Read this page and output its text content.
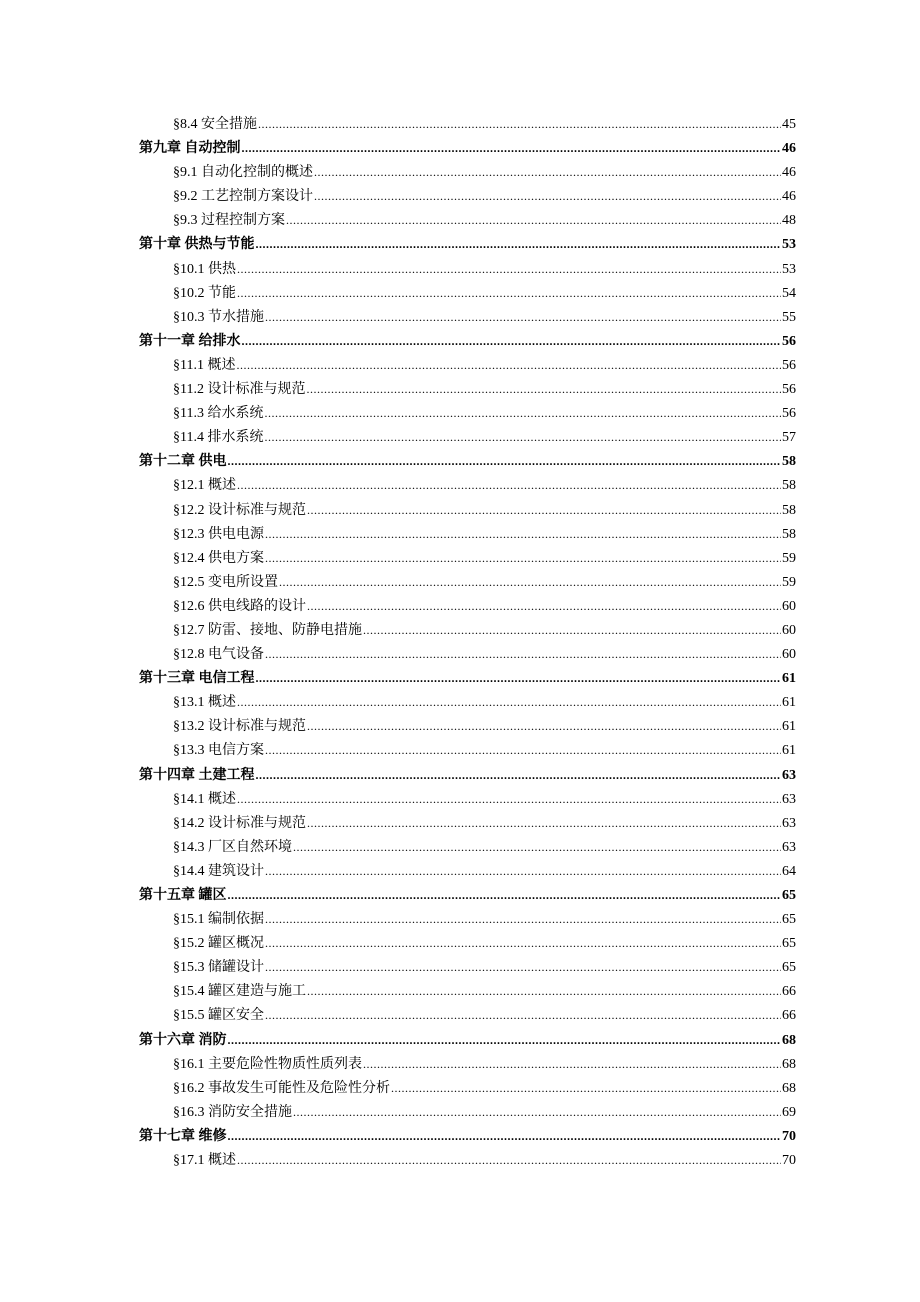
§8.4 安全措施 .....	45
第九章 自动控制 .....	46
§9.1 自动化控制的概述 .....	46
§9.2 工艺控制方案设计 .....	46
§9.3 过程控制方案 .....	48
第十章 供热与节能 .....	53
§10.1 供热 .....	53
§10.2 节能 .....	54
§10.3 节水措施 .....	55
第十一章 给排水 .....	56
§11.1 概述 .....	56
§11.2 设计标准与规范 .....	56
§11.3 给水系统 .....	56
§11.4 排水系统 .....	57
第十二章 供电 .....	58
§12.1 概述 .....	58
§12.2 设计标准与规范 .....	58
§12.3 供电电源 .....	58
§12.4 供电方案 .....	59
§12.5 变电所设置 .....	59
§12.6 供电线路的设计 .....	60
§12.7 防雷、接地、防静电措施 .....	60
§12.8 电气设备 .....	60
第十三章 电信工程 .....	61
§13.1 概述 .....	61
§13.2 设计标准与规范 .....	61
§13.3 电信方案 .....	61
第十四章 土建工程 .....	63
§14.1 概述 .....	63
§14.2 设计标准与规范 .....	63
§14.3 厂区自然环境 .....	63
§14.4 建筑设计 .....	64
第十五章 罐区 .....	65
§15.1 编制依据 .....	65
§15.2 罐区概况 .....	65
§15.3 储罐设计 .....	65
§15.4 罐区建造与施工 .....	66
§15.5 罐区安全 .....	66
第十六章 消防 .....	68
§16.1 主要危险性物质性质列表 .....	68
§16.2 事故发生可能性及危险性分析 .....	68
§16.3 消防安全措施 .....	69
第十七章 维修 .....	70
§17.1 概述 .....	70
